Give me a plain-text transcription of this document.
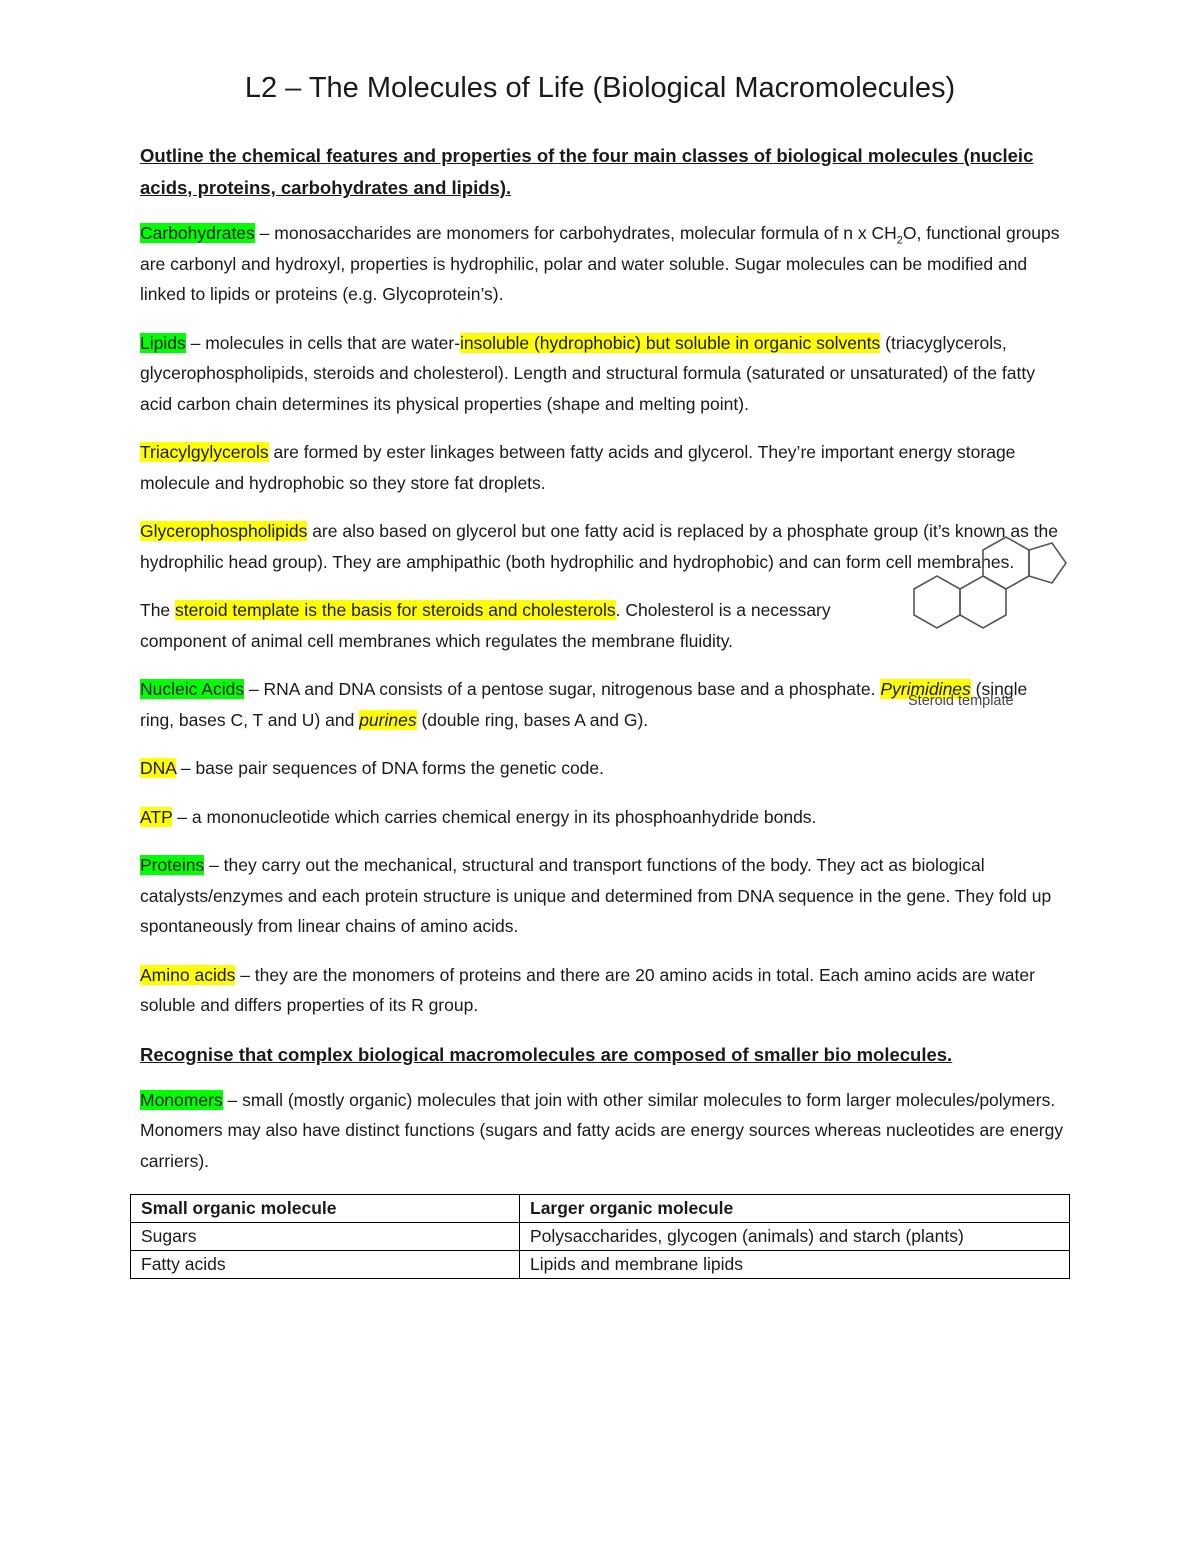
L2 – The Molecules of Life (Biological Macromolecules)
Outline the chemical features and properties of the four main classes of biological molecules (nucleic acids, proteins, carbohydrates and lipids).

Carbohydrates – monosaccharides are monomers for carbohydrates, molecular formula of n x $CH_2O$, functional groups are carbonyl and hydroxyl, properties is hydrophilic, polar and water soluble. Sugar molecules can be modified and linked to lipids or proteins (e.g. Glycoprotein’s).

Lipids – molecules in cells that are water-insoluble (hydrophobic) but soluble in organic solvents (triacyglycerols, glycerophospholipids, steroids and cholesterol). Length and structural formula (saturated or unsaturated) of the fatty acid carbon chain determines its physical properties (shape and melting point).

Triacylgylycerols are formed by ester linkages between fatty acids and glycerol. They’re important energy storage molecule and hydrophobic so they store fat droplets.

Glycerophospholipids are also based on glycerol but one fatty acid is replaced by a phosphate group (it’s known as the hydrophilic head group). They are amphipathic (both hydrophilic and hydrophobic) and can form cell membranes.

The steroid template is the basis for steroids and cholesterols. Cholesterol is a necessary component of animal cell membranes which regulates the membrane fluidity.

Steroid template

Nucleic Acids – RNA and DNA consists of a pentose sugar, nitrogenous base and a phosphate. Pyrimidines (single ring, bases C, T and U) and purines (double ring, bases A and G).

DNA – base pair sequences of DNA forms the genetic code.

ATP – a mononucleotide which carries chemical energy in its phosphoanhydride bonds.

Proteins – they carry out the mechanical, structural and transport functions of the body. They act as biological catalysts/enzymes and each protein structure is unique and determined from DNA sequence in the gene. They fold up spontaneously from linear chains of amino acids.

Amino acids – they are the monomers of proteins and there are 20 amino acids in total. Each amino acids are water soluble and differs properties of its R group.

Recognise that complex biological macromolecules are composed of smaller bio molecules.

Monomers – small (mostly organic) molecules that join with other similar molecules to form larger molecules/polymers. Monomers may also have distinct functions (sugars and fatty acids are energy sources whereas nucleotides are energy carriers).

Small organic molecule	Larger organic molecule
Sugars	Polysaccharides, glycogen (animals) and starch (plants)
Fatty acids	Lipids and membrane lipids
